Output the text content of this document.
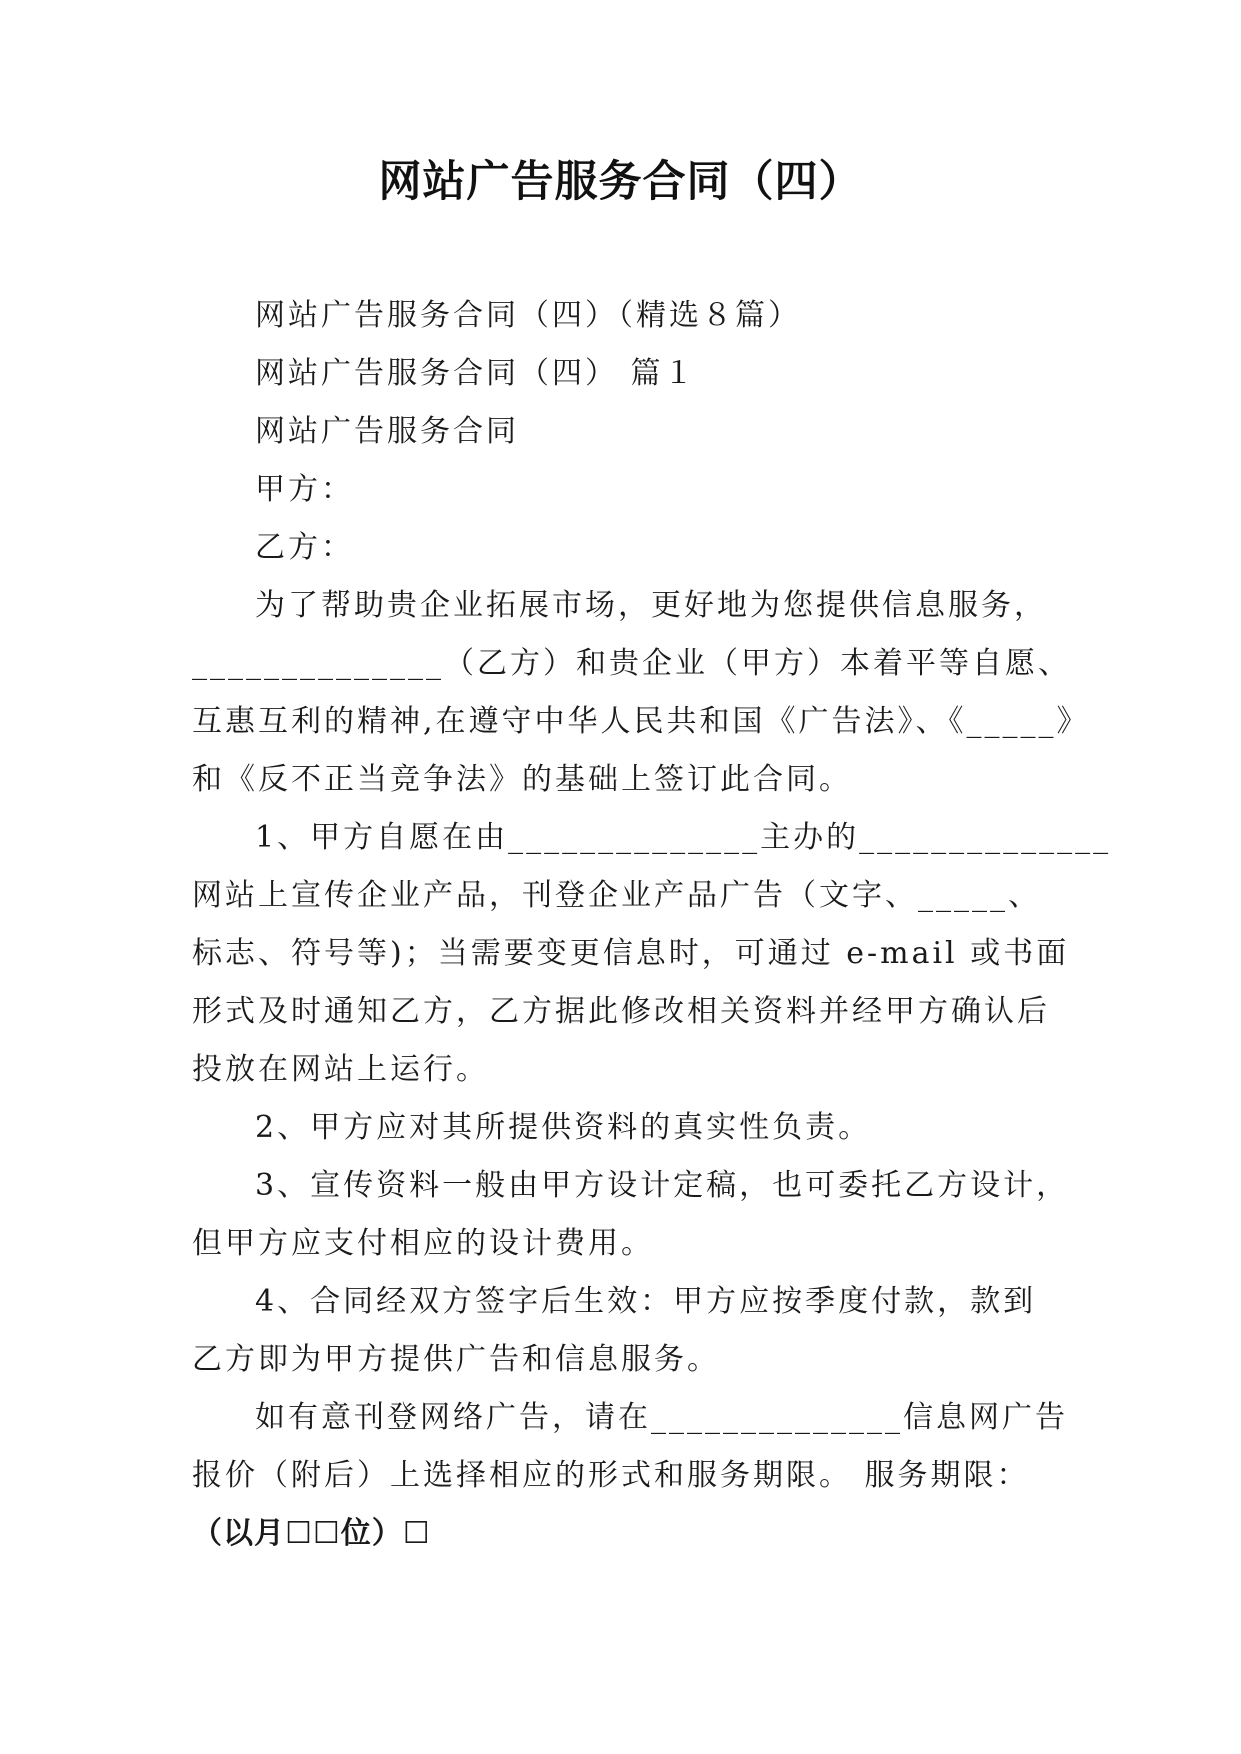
网站广告服务合同（四）

网站广告服务合同（四）（精选８篇）

网站广告服务合同（四） 篇１

网站广告服务合同

甲方：

乙方：

为了帮助贵企业拓展市场，更好地为您提供信息服务，

______________（乙方）和贵企业（甲方）本着平等自愿、

互惠互利的精神,在遵守中华人民共和国《广告法》、《_____》

和《反不正当竞争法》的基础上签订此合同。

1、甲方自愿在由______________主办的______________

网站上宣传企业产品，刊登企业产品广告（文字、_____、

标志、符号等)；当需要变更信息时，可通过 e-mail 或书面

形式及时通知乙方，乙方据此修改相关资料并经甲方确认后

投放在网站上运行。

2、甲方应对其所提供资料的真实性负责。

3、宣传资料一般由甲方设计定稿，也可委托乙方设计，

但甲方应支付相应的设计费用。

4、合同经双方签字后生效：甲方应按季度付款，款到

乙方即为甲方提供广告和信息服务。

如有意刊登网络广告，请在______________信息网广告

报价（附后）上选择相应的形式和服务期限。 服务期限：

（以月☐☐位）☐
